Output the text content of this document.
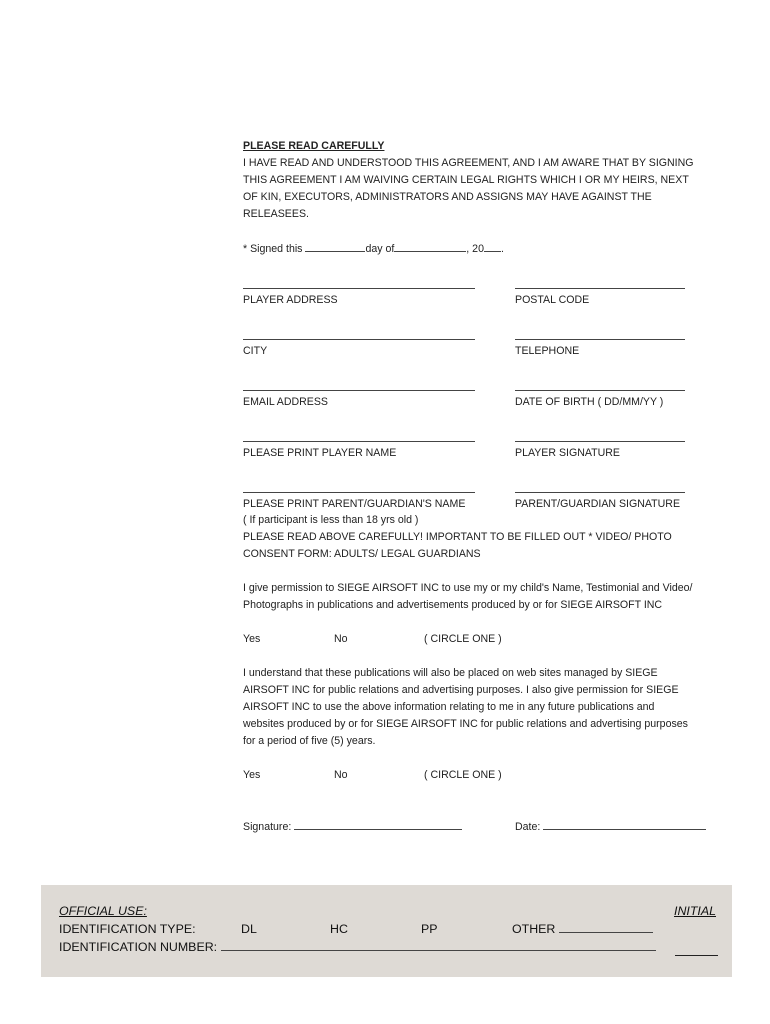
PLEASE READ CAREFULLY
I HAVE READ AND UNDERSTOOD THIS AGREEMENT, AND I AM AWARE THAT BY SIGNING
THIS AGREEMENT I AM WAIVING CERTAIN LEGAL RIGHTS WHICH I OR MY HEIRS, NEXT
OF KIN, EXECUTORS, ADMINISTRATORS AND ASSIGNS MAY HAVE AGAINST THE
RELEASEES.
* Signed this	day of	, 20 .
PLAYER ADDRESS	POSTAL CODE
CITY	TELEPHONE
EMAIL ADDRESS	DATE OF BIRTH ( DD/MM/YY )
PLEASE PRINT PLAYER NAME	PLAYER SIGNATURE
PLEASE PRINT PARENT/GUARDIAN'S NAME	PARENT/GUARDIAN SIGNATURE
( If participant is less than 18 yrs old )
PLEASE READ ABOVE CAREFULLY! IMPORTANT TO BE FILLED OUT * VIDEO/ PHOTO
CONSENT FORM: ADULTS/ LEGAL GUARDIANS
I give permission to SIEGE AIRSOFT INC to use my or my child's Name, Testimonial and Video/
Photographs in publications and advertisements produced by or for SIEGE AIRSOFT INC
Yes	No	( CIRCLE ONE )
I understand that these publications will also be placed on web sites managed by SIEGE
AIRSOFT INC for public relations and advertising purposes. I also give permission for SIEGE
AIRSOFT INC to use the above information relating to me in any future publications and
websites produced by or for SIEGE AIRSOFT INC for public relations and advertising purposes
for a period of five (5) years.
Yes	No	( CIRCLE ONE )
Signature:	Date:
OFFICIAL USE:	INITIAL
IDENTIFICATION TYPE:	DL	HC	PP	OTHER
IDENTIFICATION NUMBER:
